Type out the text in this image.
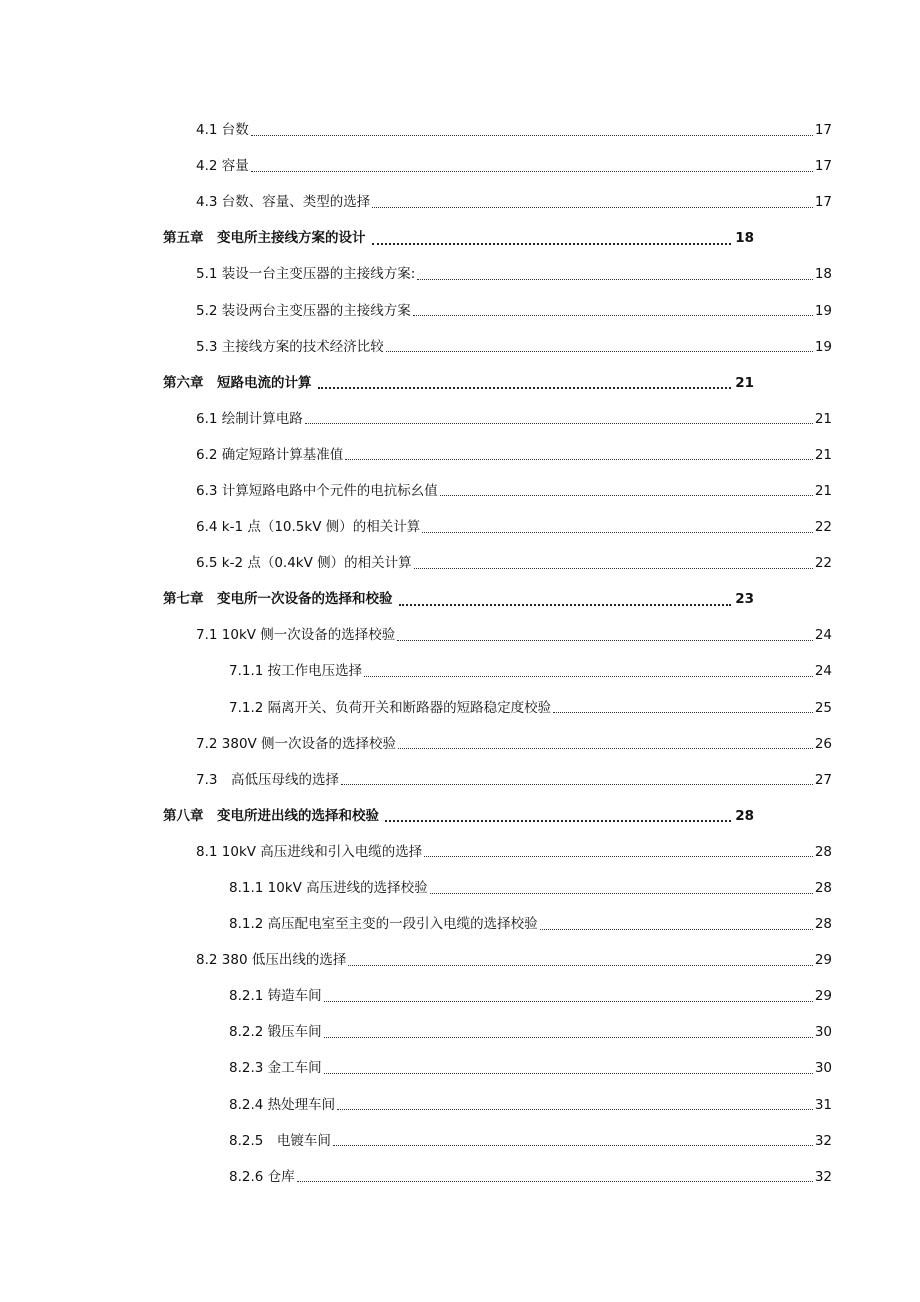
4.1 台数	17
4.2 容量	17
4.3 台数、容量、类型的选择	17
第五章　变电所主接线方案的设计	18
5.1 装设一台主变压器的主接线方案:	18
5.2 装设两台主变压器的主接线方案	19
5.3 主接线方案的技术经济比较	19
第六章　短路电流的计算	21
6.1 绘制计算电路	21
6.2 确定短路计算基准值	21
6.3 计算短路电路中个元件的电抗标幺值	21
6.4 k-1 点（10.5kV 侧）的相关计算	22
6.5 k-2 点（0.4kV 侧）的相关计算	22
第七章　变电所一次设备的选择和校验	23
7.1 10kV 侧一次设备的选择校验	24
7.1.1 按工作电压选择	24
7.1.2 隔离开关、负荷开关和断路器的短路稳定度校验	25
7.2 380V 侧一次设备的选择校验	26
7.3　高低压母线的选择	27
第八章　变电所进出线的选择和校验	28
8.1 10kV 高压进线和引入电缆的选择	28
8.1.1 10kV 高压进线的选择校验	28
8.1.2 高压配电室至主变的一段引入电缆的选择校验	28
8.2 380 低压出线的选择	29
8.2.1 铸造车间	29
8.2.2 锻压车间	30
8.2.3 金工车间	30
8.2.4 热处理车间	31
8.2.5　电镀车间	32
8.2.6 仓库	32
